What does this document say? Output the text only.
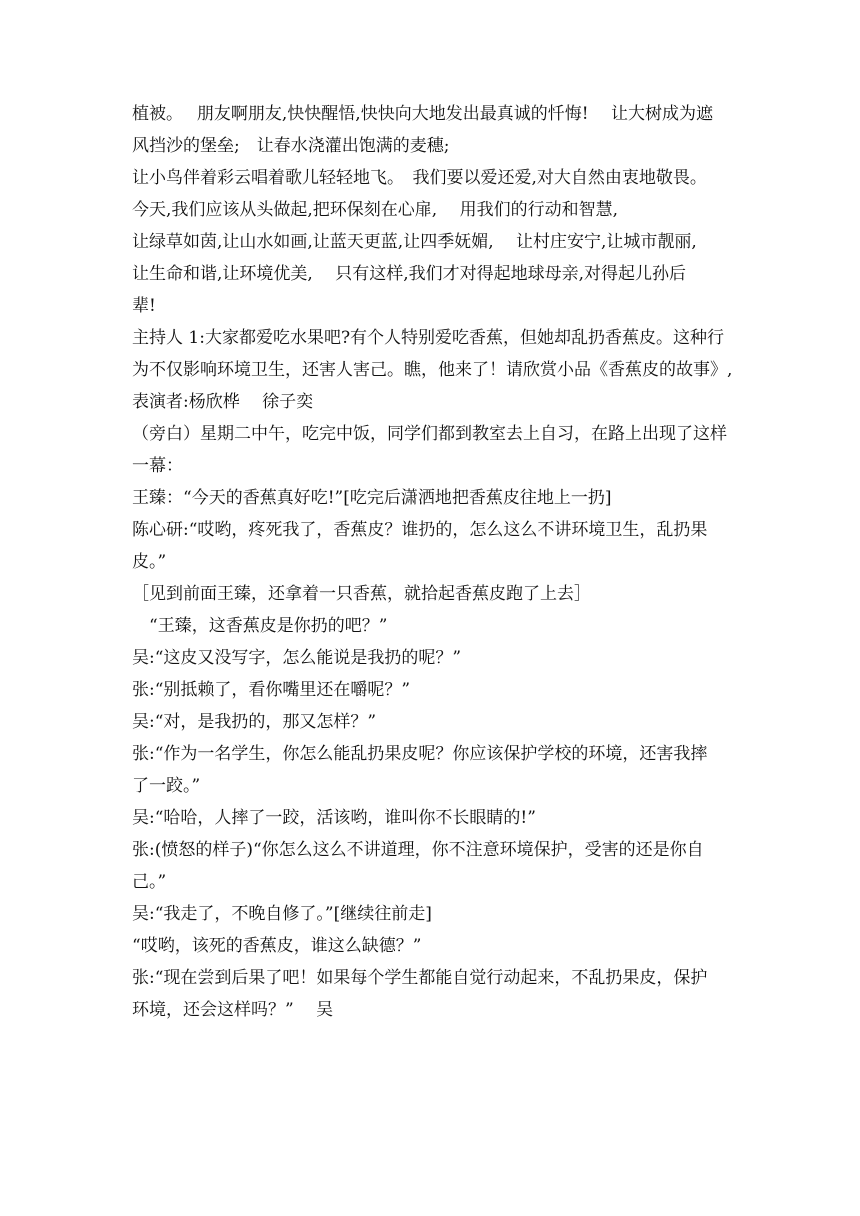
植被。　 朋友啊朋友,快快醒悟,快快向大地发出最真诚的忏悔!　 让大树成为遮
风挡沙的堡垒;　让春水浇灌出饱满的麦穗;
让小鸟伴着彩云唱着歌儿轻轻地飞。　我们要以爱还爱,对大自然由衷地敬畏。
今天,我们应该从头做起,把环保刻在心扉,　 用我们的行动和智慧,
让绿草如茵,让山水如画,让蓝天更蓝,让四季妩媚,　 让村庄安宁,让城市靓丽,
让生命和谐,让环境优美,　 只有这样,我们才对得起地球母亲,对得起儿孙后
辈!
主持人 1:大家都爱吃水果吧?有个人特别爱吃香蕉，但她却乱扔香蕉皮。这种行
为不仅影响环境卫生，还害人害己。瞧，他来了！请欣赏小品《香蕉皮的故事》,
表演者:杨欣桦　 徐子奕
（旁白）星期二中午，吃完中饭，同学们都到教室去上自习，在路上出现了这样
一幕：
王臻：“今天的香蕉真好吃!”[吃完后潇洒地把香蕉皮往地上一扔]
陈心研:“哎哟，疼死我了，香蕉皮？谁扔的，怎么这么不讲环境卫生，乱扔果
皮。”
［见到前面王臻，还拿着一只香蕉，就拾起香蕉皮跑了上去］
　“王臻，这香蕉皮是你扔的吧？”
吴:“这皮又没写字，怎么能说是我扔的呢？”
张:“别抵赖了，看你嘴里还在嚼呢？”
吴:“对，是我扔的，那又怎样？”
张:“作为一名学生，你怎么能乱扔果皮呢？你应该保护学校的环境，还害我摔
了一跤。”
吴:“哈哈，人摔了一跤，活该哟，谁叫你不长眼睛的!”
张:(愤怒的样子)“你怎么这么不讲道理，你不注意环境保护，受害的还是你自
己。”
吴:“我走了，不晚自修了。”[继续往前走]
“哎哟，该死的香蕉皮，谁这么缺德？”
张:“现在尝到后果了吧！如果每个学生都能自觉行动起来，不乱扔果皮，保护
环境，还会这样吗？”　 吴
